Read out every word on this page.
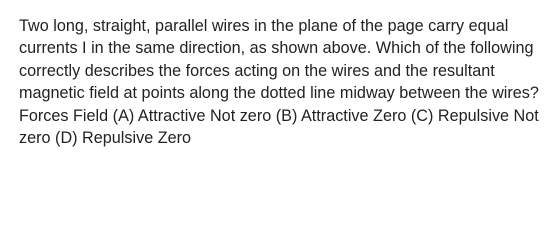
Two long, straight, parallel wires in the plane of the page carry equal currents I in the same direction, as shown above. Which of the following correctly describes the forces acting on the wires and the resultant magnetic field at points along the dotted line midway between the wires? Forces Field (A) Attractive Not zero (B) Attractive Zero (C) Repulsive Not zero (D) Repulsive Zero
